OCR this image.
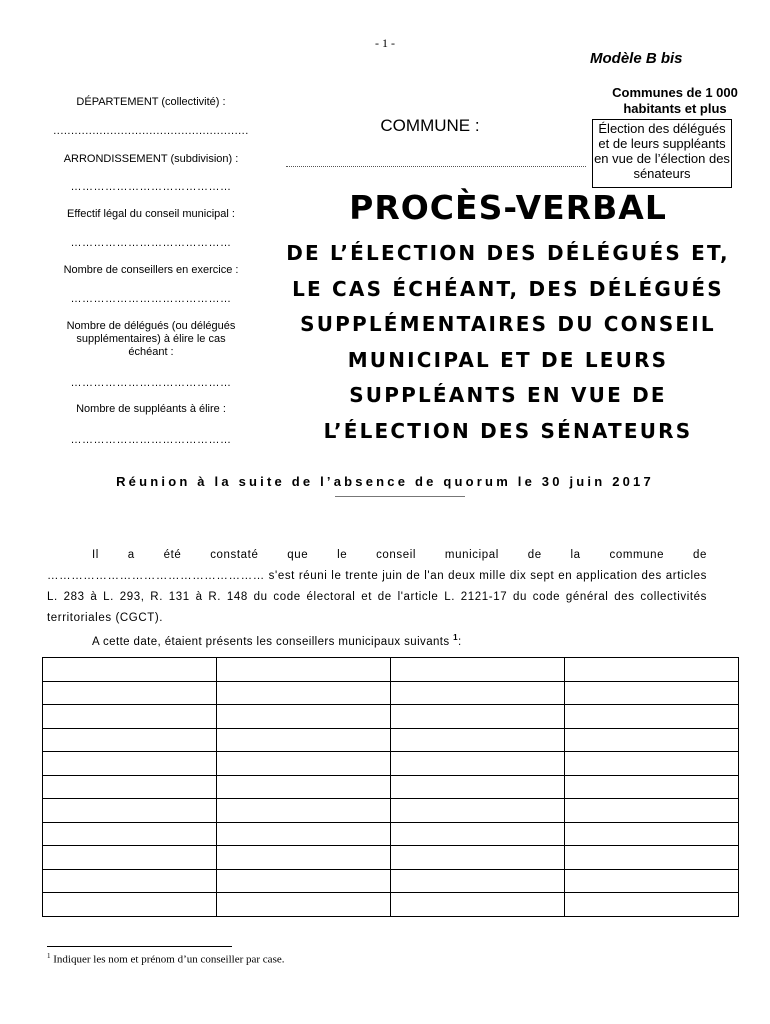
- 1 -
Modèle B bis
Communes de 1 000 habitants et plus
Élection des délégués et de leurs suppléants en vue de l’élection des sénateurs
DÉPARTEMENT (collectivité) :
.......................................................
ARRONDISSEMENT (subdivision) :
……………………………………
Effectif légal du conseil municipal :
……………………………………
Nombre de conseillers en exercice :
……………………………………
Nombre de délégués (ou délégués supplémentaires) à élire le cas échéant :
……………………………………
Nombre de suppléants à élire :
……………………………………
COMMUNE :
PROCÈS-VERBAL
DE L’ÉLECTION DES DÉLÉGUÉS ET,
LE CAS ÉCHÉANT, DES DÉLÉGUÉS
SUPPLÉMENTAIRES DU CONSEIL
MUNICIPAL ET DE LEURS
SUPPLÉANTS EN VUE DE
L’ÉLECTION DES SÉNATEURS
Réunion à la suite de l’absence de quorum le 30 juin 2017
Il a été constaté que le conseil municipal de la commune de
……………………………………………… s'est réuni le trente juin de l'an deux mille dix sept en application des articles L. 283 à L. 293, R. 131 à R. 148 du code électoral et de l'article L. 2121-17 du code général des collectivités territoriales (CGCT).
A cette date, étaient présents les conseillers municipaux suivants $^1$:

$^1$ Indiquer les nom et prénom d’un conseiller par case.
